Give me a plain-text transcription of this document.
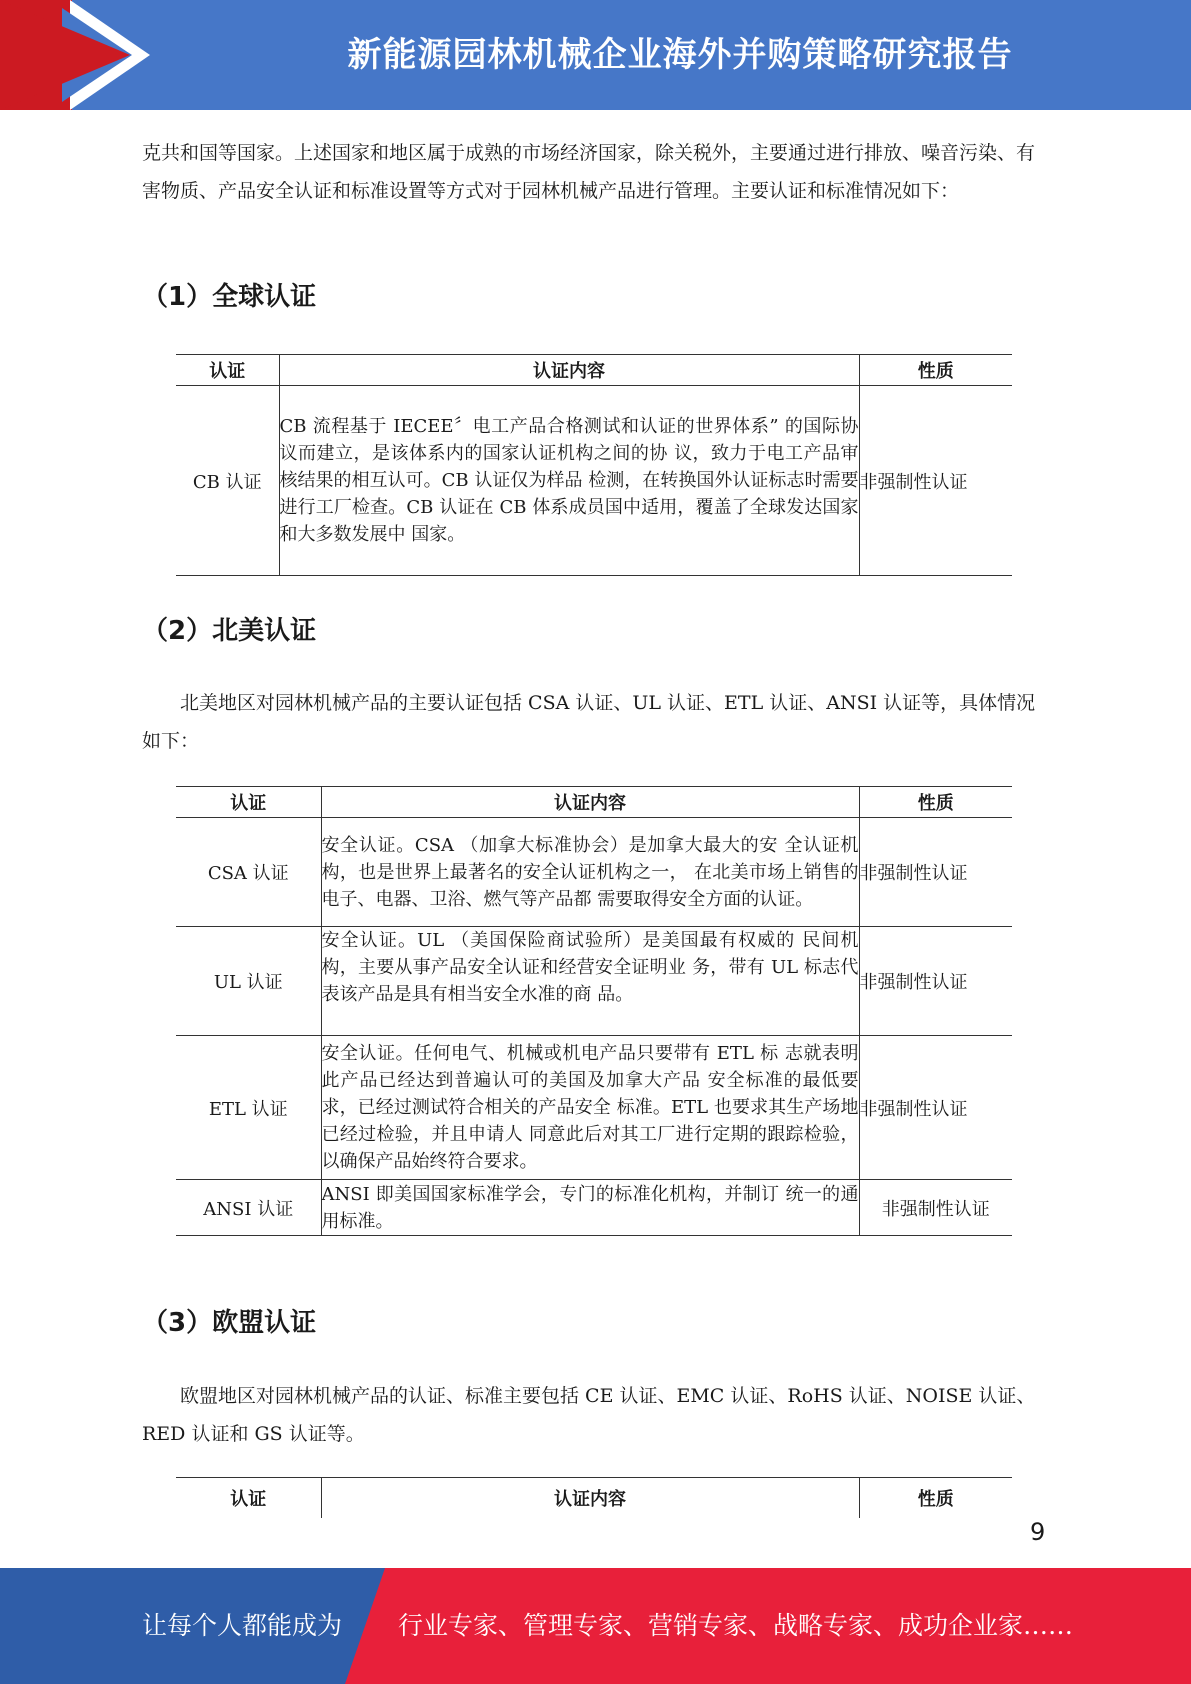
新能源园林机械企业海外并购策略研究报告

克共和国等国家。上述国家和地区属于成熟的市场经济国家，除关税外，主要通过进行排放、噪音污染、有害物质、产品安全认证和标准设置等方式对于园林机械产品进行管理。主要认证和标准情况如下：

（1）全球认证
认证	认证内容	性质
CB 认证	CB 流程基于 IECEE〞电工产品合格测试和认证的世界体系” 的国际协议而建立，是该体系内的国家认证机构之间的协 议，致力于电工产品审核结果的相互认可。CB 认证仅为样品 检测，在转换国外认证标志时需要进行工厂检查。CB 认证在 CB 体系成员国中适用，覆盖了全球发达国家和大多数发展中 国家。	非强制性认证
（2）北美认证

北美地区对园林机械产品的主要认证包括 CSA 认证、UL 认证、ETL 认证、ANSI 认证等，具体情况如下：

认证	认证内容	性质
CSA 认证	安全认证。CSA （加拿大标准协会）是加拿大最大的安 全认证机构，也是世界上最著名的安全认证机构之一， 在北美市场上销售的电子、电器、卫浴、燃气等产品都 需要取得安全方面的认证。	非强制性认证
UL 认证	安全认证。UL （美国保险商试验所）是美国最有权威的 民间机构，主要从事产品安全认证和经营安全证明业 务，带有 UL 标志代表该产品是具有相当安全水准的商 品。	非强制性认证
ETL 认证	安全认证。任何电气、机械或机电产品只要带有 ETL 标 志就表明此产品已经达到普遍认可的美国及加拿大产品 安全标准的最低要求，已经过测试符合相关的产品安全 标准。ETL 也要求其生产场地已经过检验，并且申请人 同意此后对其工厂进行定期的跟踪检验，以确保产品始终符合要求。	非强制性认证
ANSI 认证	ANSI 即美国国家标准学会，专门的标准化机构，并制订 统一的通用标准。	非强制性认证
（3）欧盟认证

欧盟地区对园林机械产品的认证、标准主要包括 CE 认证、EMC 认证、RoHS 认证、NOISE 认证、RED 认证和 GS 认证等。

认证	认证内容	性质
9
让每个人都能成为 行业专家、管理专家、营销专家、战略专家、成功企业家……
